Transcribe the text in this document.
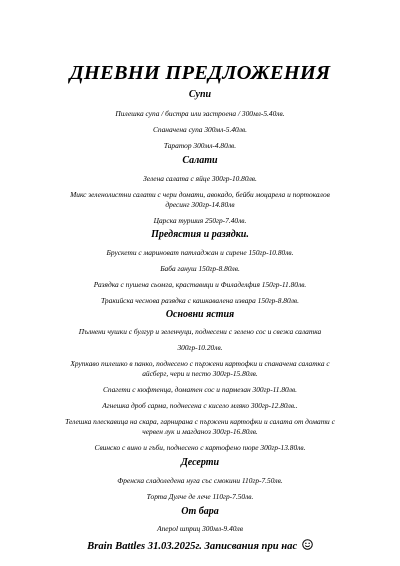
ДНЕВНИ ПРЕДЛОЖЕНИЯ
Супи
Пилешка супа / бистра или застроена / 300мл-5.40лв.
Спаначена супа 300мл-5.40лв.
Таратор 300мл-4.80лв.
Салати
Зелена салата с яйце 300гр-10.80лв.
Микс зеленолистни салати с чери домати, авокадо, бейби моцарела и портокалов
дресинг 300гр-14.80лв
Царска туршия 250гр-7.40лв.
Предястия и разядки.
Брускети с мариноват патладжан и сирене 150гр-10.80лв.
Баба гануш 150гр-8.80лв.
Разядка с пушена сьомга, краставици и Филаделфия 150гр-11.80лв.
Тракийска чеснова разядка с кашкавалена извара 150гр-8.80лв.
Основни ястия
Пълнени чушки с булгур и зеленчуци, поднесени с зелено сос и свежа салатка
300гр-10.20лв.
Хрупкаво пилешко в панко, поднесено с пържени картофки и спаначена салатка с
айсберг, чери и песто 300гр-15.80лв.
Спагети с кюфтенца, доматен сос и пармезан 300гр-11.80лв.
Агнешка дроб сарма, поднесена с кисело мляко 300гр-12.80лв..
Телешка плескавица на скара, гарнирана с пържени картофки и салата от домати с
червен лук и магданоз 300гр-16.80лв.
Свинско с вино и гъби, поднесено с картофено пюре 300гр-13.80лв.
Десерти
Френска сладоледена нуга със смокини 110гр-7.50лв.
Торта Дулче де лече 110гр-7.50лв.
От бара
Апероl шприц 300мл-9.40лв
Brain Battles 31.03.2025г. Записвания при нас
